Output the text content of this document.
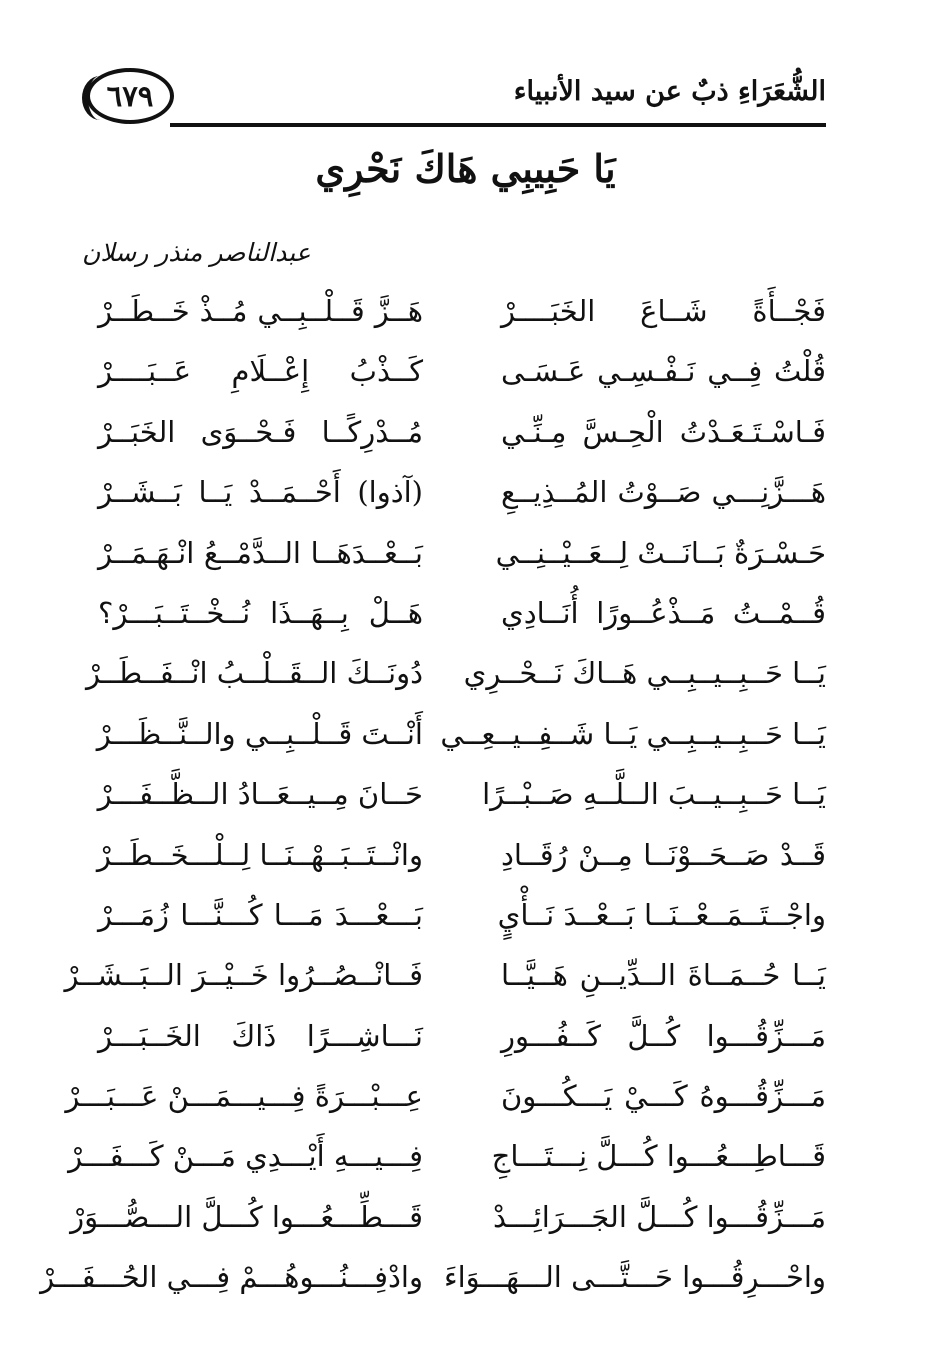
٦٧٩	الشُّعَرَاءِ ذبٌ عن سيد الأنبياء
يَا حَبِيبِي هَاكَ نَحْرِي
عبدالناصر منذر رسلان
فَجْــأَةً شَــاعَ الخَبَــــرْ
هَــزَّ قَــلْــبِــي مُــذْ خَــطَــرْ
قُلْتُ فِــي نَـفْـسِـي عَـسَـى
كَــذْبُ إِعْــلَامِ عَــبَــــرْ
فَـاسْـتَـعَـدْتُ الْحِـسَّ مِـنِّـي
مُــدْرِكًــا فَـحْــوَى الخَبَــرْ
هَـــزَّنِـــي صَــوْتُ المُــذِيــعِ
(آذوا) أَحْــمَــدْ يَــا بَــشَــرْ
حَـسْـرَةٌ بَــانَــتْ لِــعَــيْــنِــي
بَــعْــدَهَــا الــدَّمْــعُ انْـهَـمَــرْ
قُــمْــتُ مَــذْعُــورًا أُنَــادِي
هَــلْ بِــهَــذَا نُــخْــتَــبَـــرْ؟
يَــا حَــبِــيــبِــي هَــاكَ نَــحْــرِي
دُونَــكَ الــقَــلْــبُ انْــفَــطَــرْ
يَــا حَــبِــيــبِــي يَــا شَــفِــيــعِــي
أَنْــتَ قَــلْــبِــي والــنَّــظَـــرْ
يَــا حَــبِــيــبَ الــلَّــهِ صَــبْــرًا
حَــانَ مِــيــعَــادُ الــظَّــفَـــرْ
قَــدْ صَــحَــوْنَــا مِــنْ رُقَــادِ
وانْــتَــبَــهْــنَــا لِــلْـــخَــطَــرْ
واجْــتَــمَــعْــنَــا بَــعْــدَ نَــأْيٍ
بَـــعْـــدَ مَـــا كُـــنَّـــا زُمَـــرْ
يَــا حُــمَــاةَ الــدِّيــنِ هَــيَّــا
فَــانْــصُــرُوا خَــيْــرَ الــبَــشَــرْ
مَـــزِّقُـــوا كُــلَّ كَــفُـــورِ
نَـــاشِـــرًا ذَاكَ الخَــبَـــرْ
مَـــزِّقُـــوهُ كَـــيْ يَـــكُـــونَ
عِـــبْـــرَةً فِـــيـــمَـــنْ عَـــبَـــرْ
قَـــاطِـــعُـــوا كُـــلَّ نِـــتَـــاجِ
فِـــيـــهِ أَيْـــدِي مَـــنْ كَـــفَـــرْ
مَـــزِّقُـــوا كُـــلَّ الجَـــرَائِـــدْ
قَـــطِّـــعُـــوا كُـــلَّ الـــصُّـــوَرْ
واحْـــرِقُـــوا حَـــتَّـــى الـــهَـــوَاءَ
وادْفِـــنُـــوهُـــمْ فِـــي الحُـــفَـــرْ
